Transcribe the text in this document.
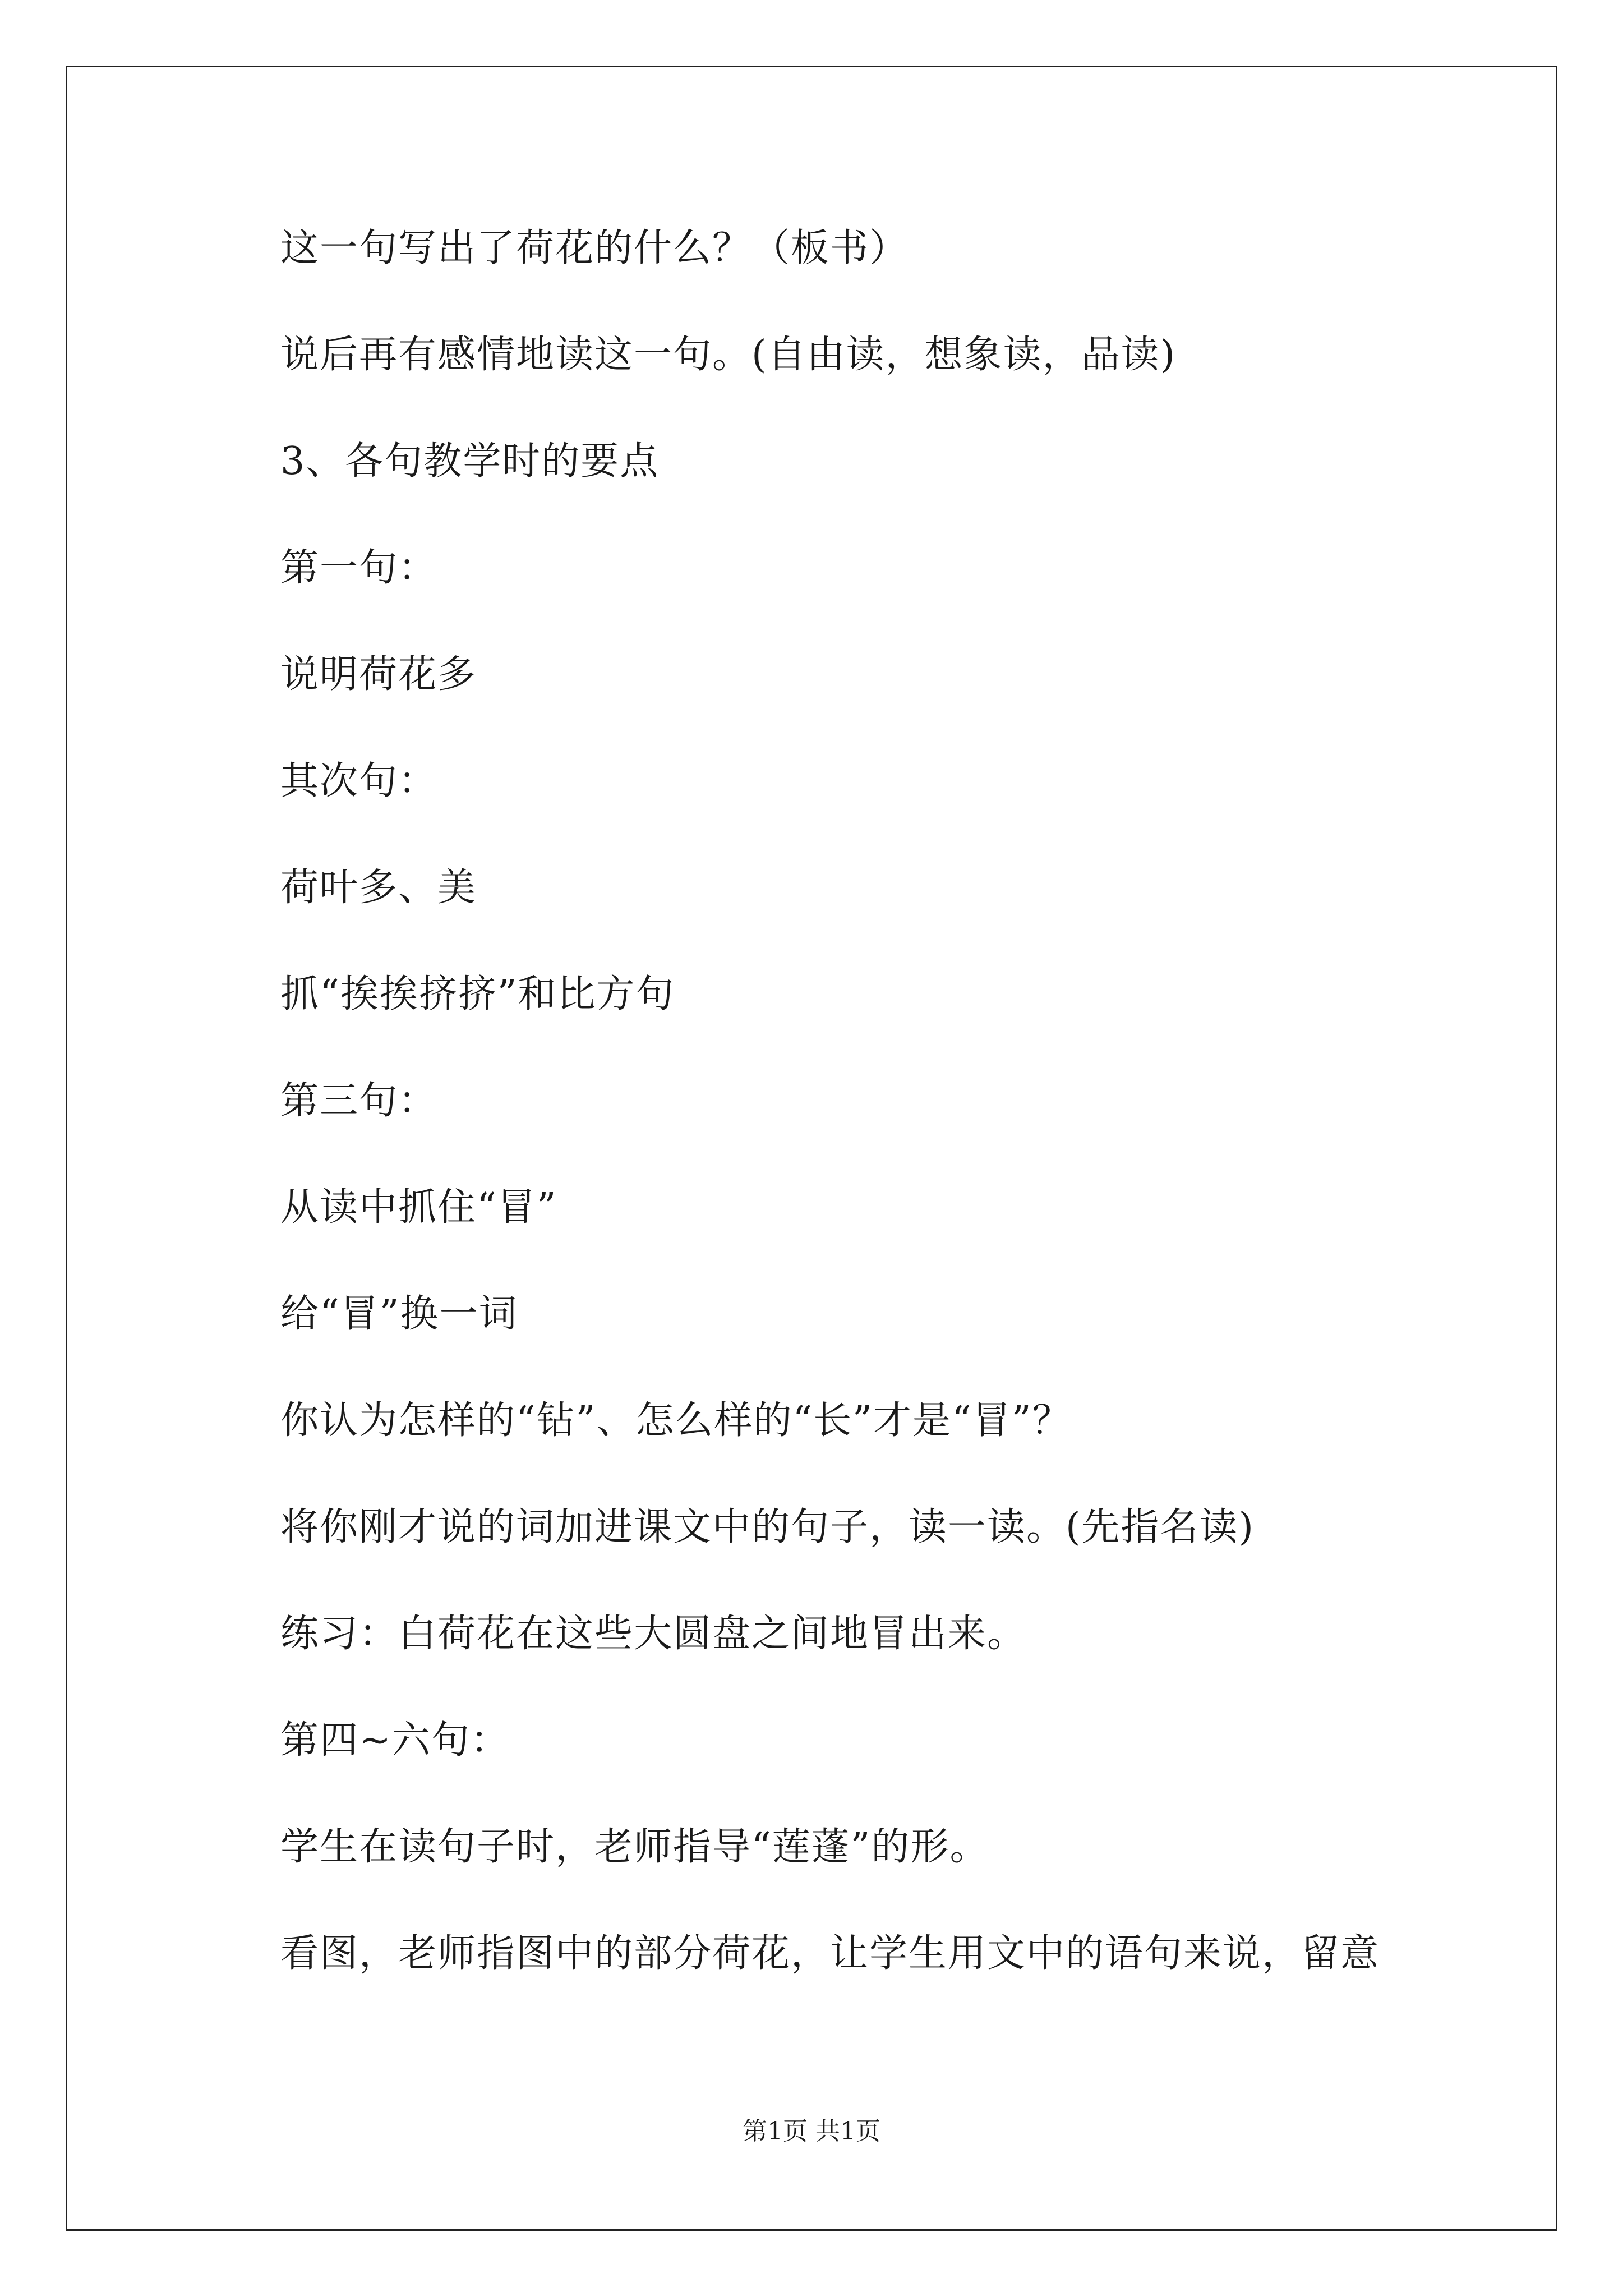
这一句写出了荷花的什么？（板书）
说后再有感情地读这一句。(自由读，想象读，品读)
3、各句教学时的要点
第一句：
说明荷花多
其次句：
荷叶多、美
抓“挨挨挤挤”和比方句
第三句：
从读中抓住“冒”
给“冒”换一词
你认为怎样的“钻”、怎么样的“长”才是“冒”？
将你刚才说的词加进课文中的句子，读一读。(先指名读)
练习：白荷花在这些大圆盘之间地冒出来。
第四~六句：
学生在读句子时，老师指导“莲蓬”的形。
看图，老师指图中的部分荷花，让学生用文中的语句来说，留意
第1页 共1页
